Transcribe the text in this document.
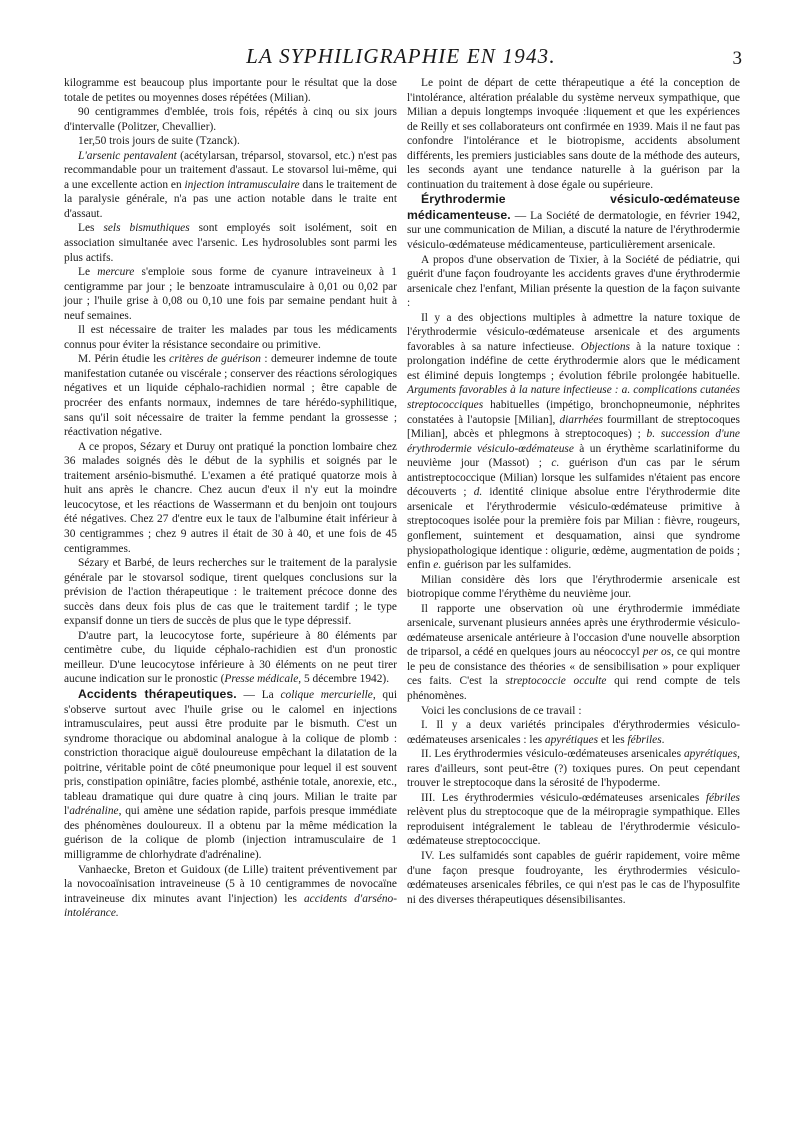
LA SYPHILIGRAPHIE EN 1943.	3

kilogramme est beaucoup plus importante pour le résultat que la dose totale de petites ou moyennes doses répétées (Milian).

90 centigrammes d'emblée, trois fois, répétés à cinq ou six jours d'intervalle (Politzer, Chevallier).

1er,50 trois jours de suite (Tzanck).

L'arsenic pentavalent (acétylarsan, tréparsol, stovarsol, etc.) n'est pas recommandable pour un traitement d'assaut. Le stovarsol lui-même, qui a une excellente action en injection intramusculaire dans le traitement de la paralysie générale, n'a pas une action notable dans le traite ent d'assaut.

Les sels bismuthiques sont employés soit isolément, soit en association simultanée avec l'arsenic. Les hydrosolubles sont parmi les plus actifs.

Le mercure s'emploie sous forme de cyanure intraveineux à 1 centigramme par jour ; le benzoate intramusculaire à 0,01 ou 0,02 par jour ; l'huile grise à 0,08 ou 0,10 une fois par semaine pendant huit à neuf semaines.

Il est nécessaire de traiter les malades par tous les médicaments connus pour éviter la résistance secondaire ou primitive.

M. Périn étudie les critères de guérison : demeurer indemne de toute manifestation cutanée ou viscérale ; conserver des réactions sérologiques négatives et un liquide céphalo-rachidien normal ; être capable de procréer des enfants normaux, indemnes de tare hérédo-syphilitique, sans qu'il soit nécessaire de traiter la femme pendant la grossesse ; réactivation négative.

A ce propos, Sézary et Duruy ont pratiqué la ponction lombaire chez 36 malades soignés dès le début de la syphilis et soignés par le traitement arsénio-bismuthé. L'examen a été pratiqué quatorze mois à huit ans après le chancre. Chez aucun d'eux il n'y eut la moindre leucocytose, et les réactions de Wassermann et du benjoin ont toujours été négatives. Chez 27 d'entre eux le taux de l'albumine était inférieur à 30 centigrammes ; chez 9 autres il était de 30 à 40, et une fois de 45 centigrammes.

Sézary et Barbé, de leurs recherches sur le traitement de la paralysie générale par le stovarsol sodique, tirent quelques conclusions sur la prévision de l'action thérapeutique : le traitement précoce donne des succès dans deux fois plus de cas que le traitement tardif ; le type expansif donne un tiers de succès de plus que le type dépressif.

D'autre part, la leucocytose forte, supérieure à 80 éléments par centimètre cube, du liquide céphalo-rachidien est d'un pronostic meilleur. D'une leucocytose inférieure à 30 éléments on ne peut tirer aucune indication sur le pronostic (Presse médicale, 5 décembre 1942).

Accidents thérapeutiques. — La colique mercurielle, qui s'observe surtout avec l'huile grise ou le calomel en injections intramusculaires, peut aussi être produite par le bismuth. C'est un syndrome thoracique ou abdominal analogue à la colique de plomb : constriction thoracique aiguë douloureuse empêchant la dilatation de la poitrine, véritable point de côté pneumonique pour lequel il est souvent pris, constipation opiniâtre, facies plombé, asthénie totale, anorexie, etc., tableau dramatique qui dure quatre à cinq jours. Milian le traite par l'adrénaline, qui amène une sédation rapide, parfois presque immédiate des phénomènes douloureux. Il a obtenu par la même médication la guérison de la colique de plomb (injection intramusculaire de 1 milligramme de chlorhydrate d'adrénaline).

Vanhaecke, Breton et Guidoux (de Lille) traitent préventivement par la novocoaïnisation intraveineuse (5 à 10 centigrammes de novocaïne intraveineuse dix minutes avant l'injection) les accidents d'arséno-intolérance.

Le point de départ de cette thérapeutique a été la conception de l'intolérance, altération préalable du système nerveux sympathique, que Milian a depuis longtemps invoquée :liquement et que les expériences de Reilly et ses collaborateurs ont confirmée en 1939. Mais il ne faut pas confondre l'intolérance et le biotropisme, accidents absolument différents, les premiers justiciables sans doute de la méthode des auteurs, les seconds ayant une tendance naturelle à la guérison par la continuation du traitement à dose égale ou supérieure.

Érythrodermie vésiculo-œdémateuse médicamenteuse. — La Société de dermatologie, en février 1942, sur une communication de Milian, a discuté la nature de l'érythrodermie vésiculo-œdémateuse médicamenteuse, particulièrement arsenicale.

A propos d'une observation de Tixier, à la Société de pédiatrie, qui guérit d'une façon foudroyante les accidents graves d'une érythrodermie arsenicale chez l'enfant, Milian présente la question de la façon suivante :

Il y a des objections multiples à admettre la nature toxique de l'érythrodermie vésiculo-œdémateuse arsenicale et des arguments favorables à sa nature infectieuse. Objections à la nature toxique : prolongation indéfine de cette érythrodermie alors que le médicament est éliminé depuis longtemps ; évolution fébrile prolongée habituelle. Arguments favorables à la nature infectieuse : a. complications cutanées streptococciques habituelles (impétigo, bronchopneumonie, néphrites constatées à l'autopsie [Milian], diarrhées fourmillant de streptocoques [Milian], abcès et phlegmons à streptocoques) ; b. succession d'une érythrodermie vésiculo-œdémateuse à un érythème scarlatiniforme du neuvième jour (Massot) ; c. guérison d'un cas par le sérum antistreptococcique (Milian) lorsque les sulfamides n'étaient pas encore découverts ; d. identité clinique absolue entre l'érythrodermie dite arsenicale et l'érythrodermie vésiculo-œdémateuse primitive à streptocoques isolée pour la première fois par Milian : fièvre, rougeurs, gonflement, suintement et desquamation, ainsi que syndrome physiopathologique identique : oligurie, œdème, augmentation de poids ; enfin e. guérison par les sulfamides.

Milian considère dès lors que l'érythrodermie arsenicale est biotropique comme l'érythème du neuvième jour.

Il rapporte une observation où une érythrodermie immédiate arsenicale, survenant plusieurs années après une érythrodermie vésiculo-œdémateuse arsenicale antérieure à l'occasion d'une nouvelle absorption de triparsol, a cédé en quelques jours au néococcyl per os, ce qui montre le peu de consistance des théories « de sensibilisation » pour expliquer ces faits. C'est la streptococcie occulte qui rend compte de tels phénomènes.

Voici les conclusions de ce travail :

I. Il y a deux variétés principales d'érythrodermies vésiculo-œdémateuses arsenicales : les apyrétiques et les fébriles.

II. Les érythrodermies vésiculo-œdémateuses arsenicales apyrétiques, rares d'ailleurs, sont peut-être (?) toxiques pures. On peut cependant trouver le streptocoque dans la sérosité de l'hypoderme.

III. Les érythrodermies vésiculo-œdémateuses arsenicales fébriles relèvent plus du streptocoque que de la méiropragie sympathique. Elles reproduisent intégralement le tableau de l'érythrodermie vésiculo-œdémateuse streptococcique.

IV. Les sulfamidés sont capables de guérir rapidement, voire même d'une façon presque foudroyante, les érythrodermies vésiculo-œdémateuses arsenicales fébriles, ce qui n'est pas le cas de l'hyposulfite ni des diverses thérapeutiques désensibilisantes.
